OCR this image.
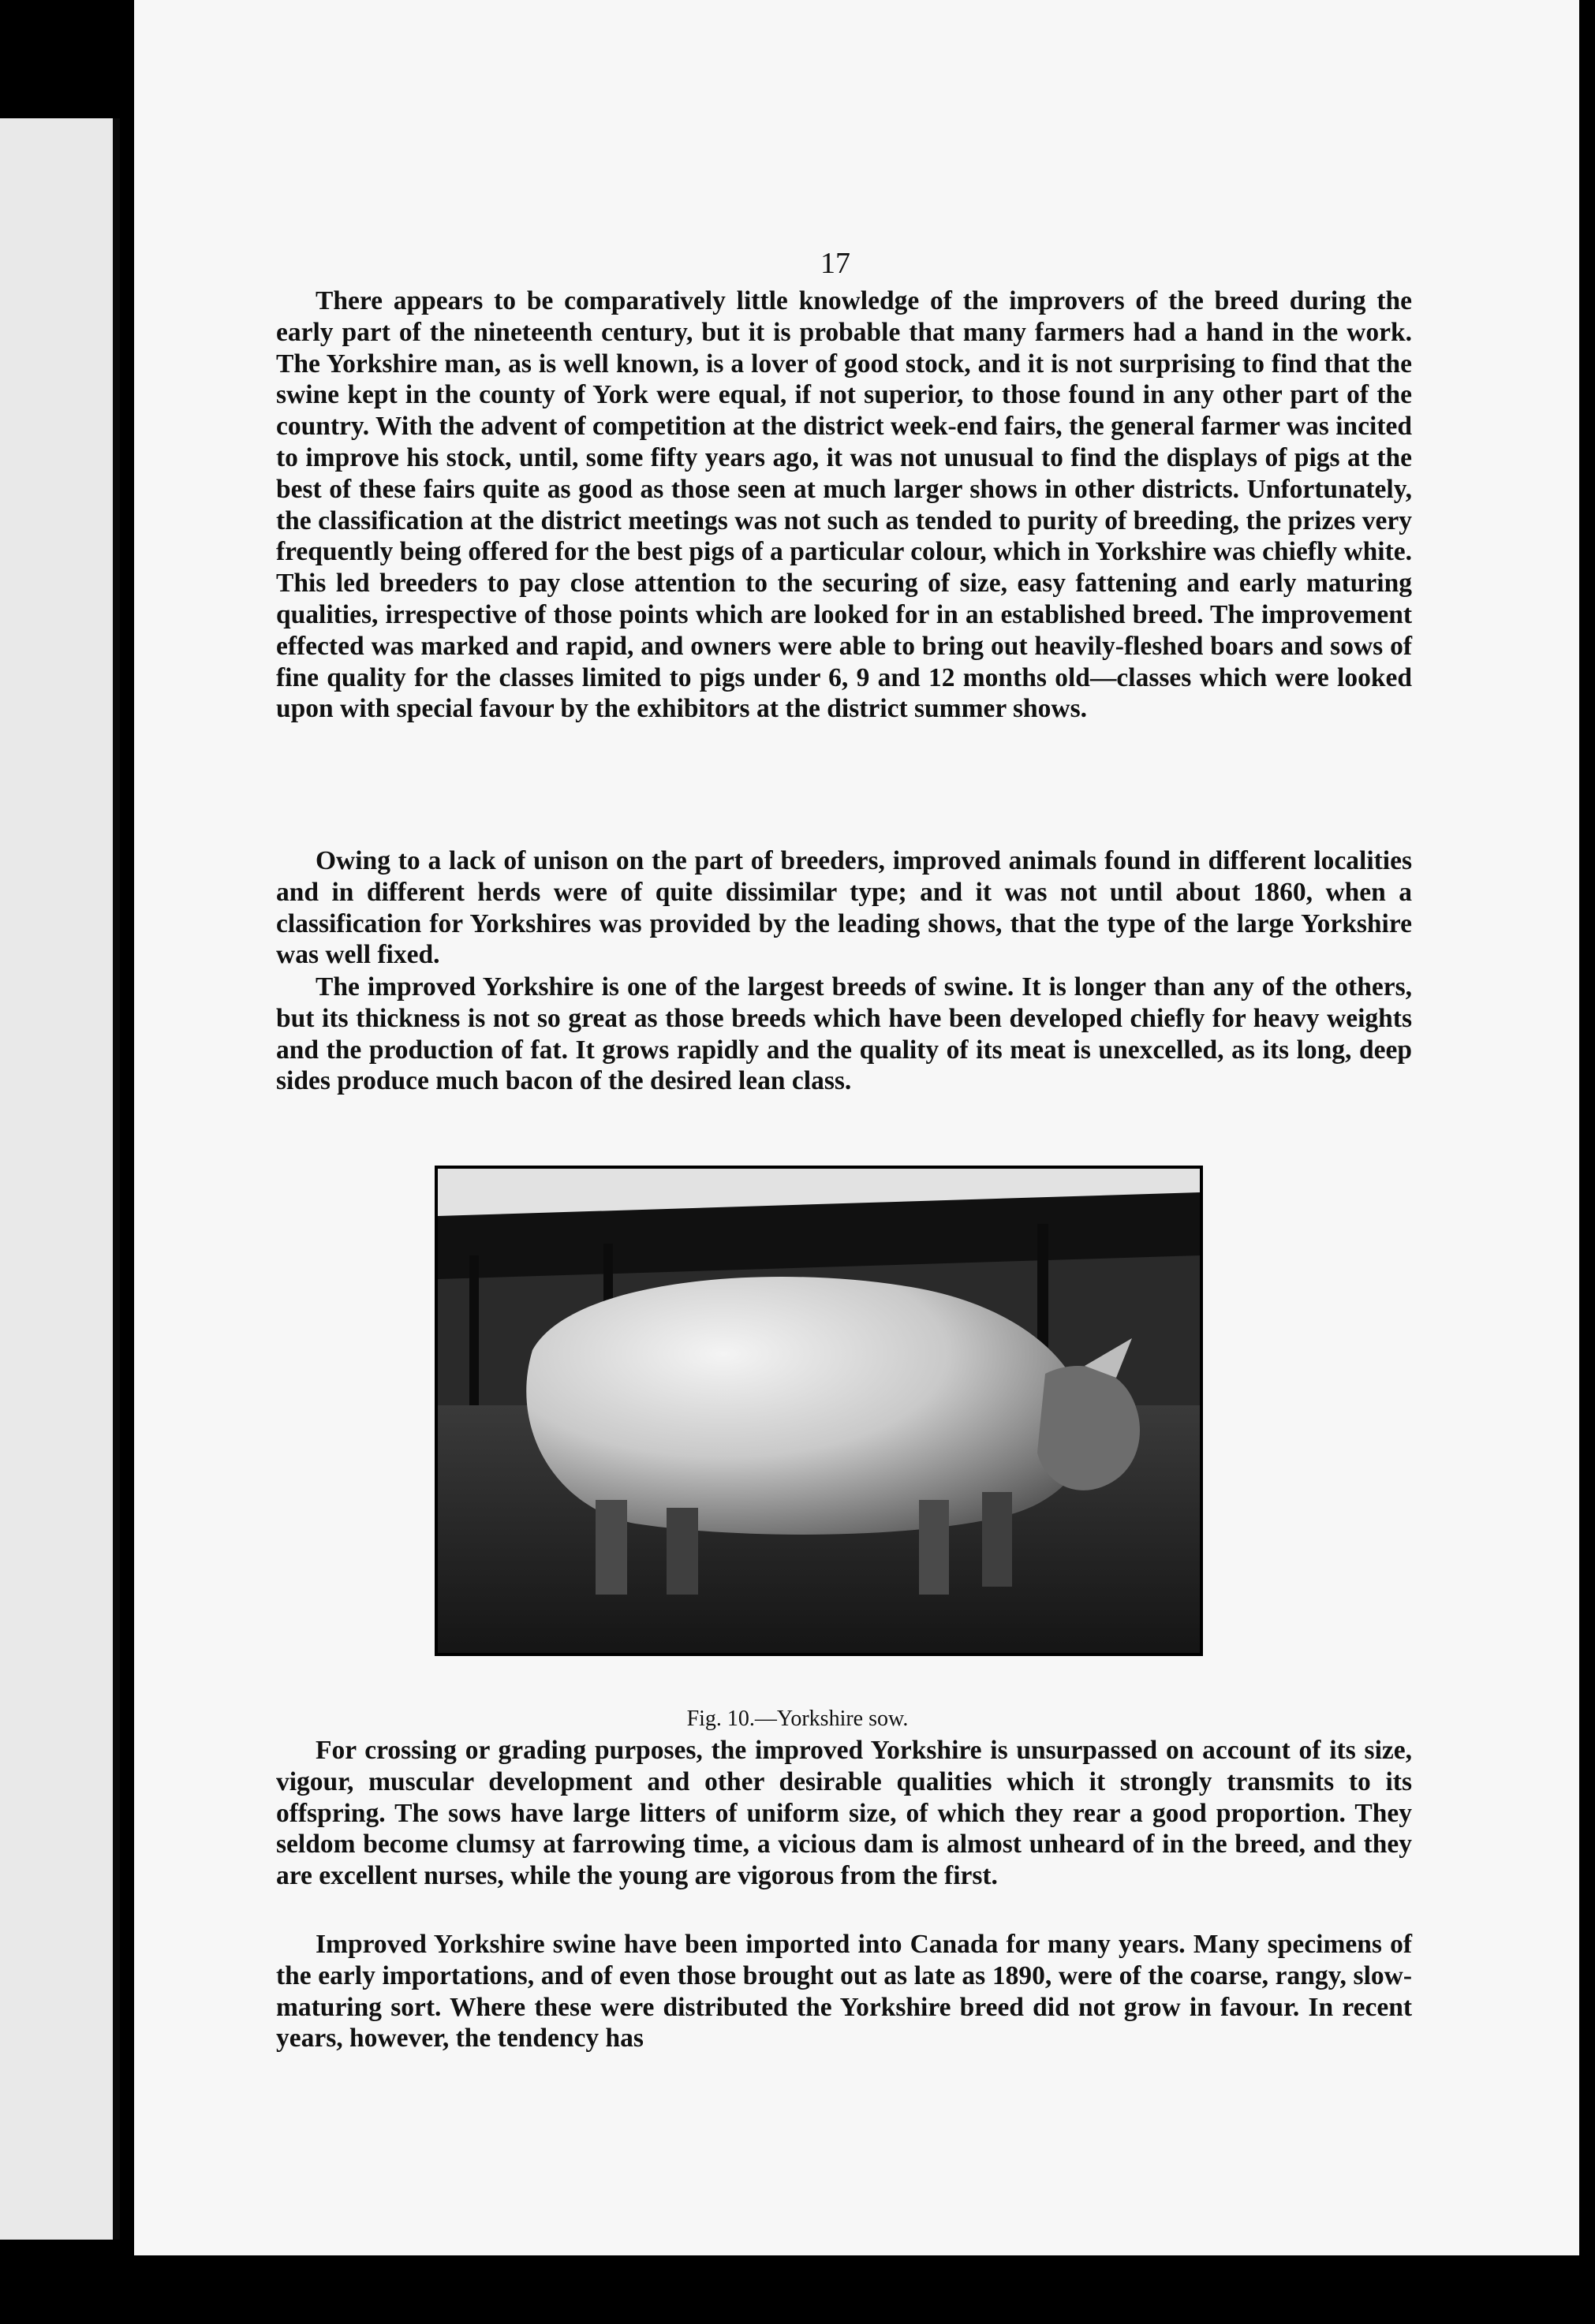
17

There appears to be comparatively little knowledge of the improvers of the breed during the early part of the nineteenth century, but it is probable that many farmers had a hand in the work. The Yorkshire man, as is well known, is a lover of good stock, and it is not surprising to find that the swine kept in the county of York were equal, if not superior, to those found in any other part of the country. With the advent of competition at the district week-end fairs, the general farmer was incited to improve his stock, until, some fifty years ago, it was not unusual to find the displays of pigs at the best of these fairs quite as good as those seen at much larger shows in other districts. Unfortunately, the classification at the district meetings was not such as tended to purity of breeding, the prizes very frequently being offered for the best pigs of a particular colour, which in Yorkshire was chiefly white. This led breeders to pay close attention to the securing of size, easy fattening and early maturing qualities, irrespective of those points which are looked for in an established breed. The improvement effected was marked and rapid, and owners were able to bring out heavily-fleshed boars and sows of fine quality for the classes limited to pigs under 6, 9 and 12 months old—classes which were looked upon with special favour by the exhibitors at the district summer shows.

Owing to a lack of unison on the part of breeders, improved animals found in different localities and in different herds were of quite dissimilar type; and it was not until about 1860, when a classification for Yorkshires was provided by the leading shows, that the type of the large Yorkshire was well fixed.

The improved Yorkshire is one of the largest breeds of swine. It is longer than any of the others, but its thickness is not so great as those breeds which have been developed chiefly for heavy weights and the production of fat. It grows rapidly and the quality of its meat is unexcelled, as its long, deep sides produce much bacon of the desired lean class.

Fig. 10.—Yorkshire sow.

For crossing or grading purposes, the improved Yorkshire is unsurpassed on account of its size, vigour, muscular development and other desirable qualities which it strongly transmits to its offspring. The sows have large litters of uniform size, of which they rear a good proportion. They seldom become clumsy at farrowing time, a vicious dam is almost unheard of in the breed, and they are excellent nurses, while the young are vigorous from the first.

Improved Yorkshire swine have been imported into Canada for many years. Many specimens of the early importations, and of even those brought out as late as 1890, were of the coarse, rangy, slow-maturing sort. Where these were distributed the Yorkshire breed did not grow in favour. In recent years, however, the tendency has
